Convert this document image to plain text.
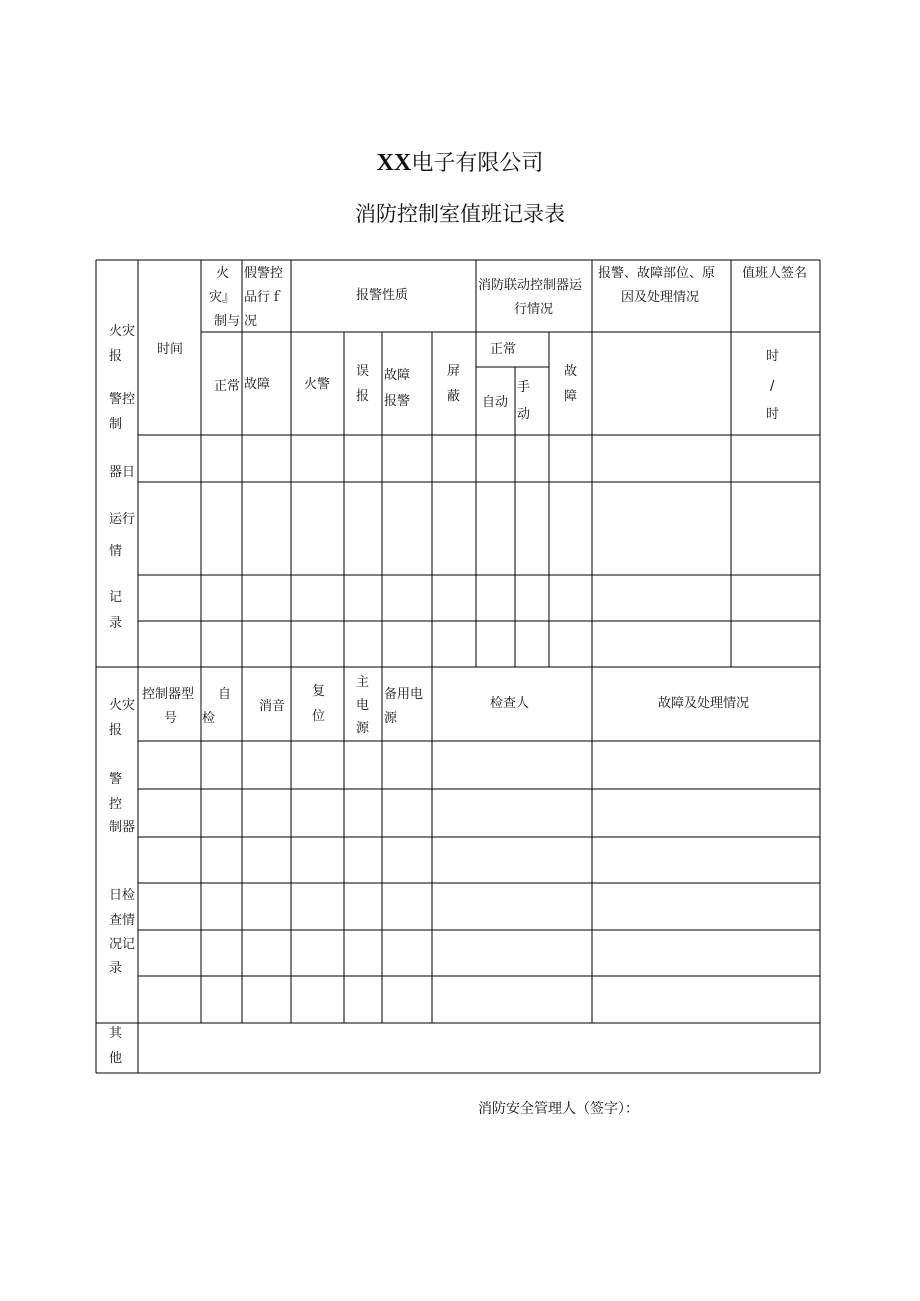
XX电子有限公司
消防控制室值班记录表
火灾
报
警控
制
器日
运行
情
记
录
时间
火
灾』
制与
假警控
品行ｆ
况
报警性质
消防联动控制器运
行情况
报警、故障部位、原
因及处理情况
值班人签名
正常 故障	火警
误
报
故障
报警
屏
蔽
正常
自动
手
动
故
障
时
/
时
火灾
报
警
控
制器
日检
查情
况记
录
控制器型
号
自
检
消音
复
位
主
电
源
备用电
源
检查人	故障及处理情况
其
他
消防安全管理人（签字）：
